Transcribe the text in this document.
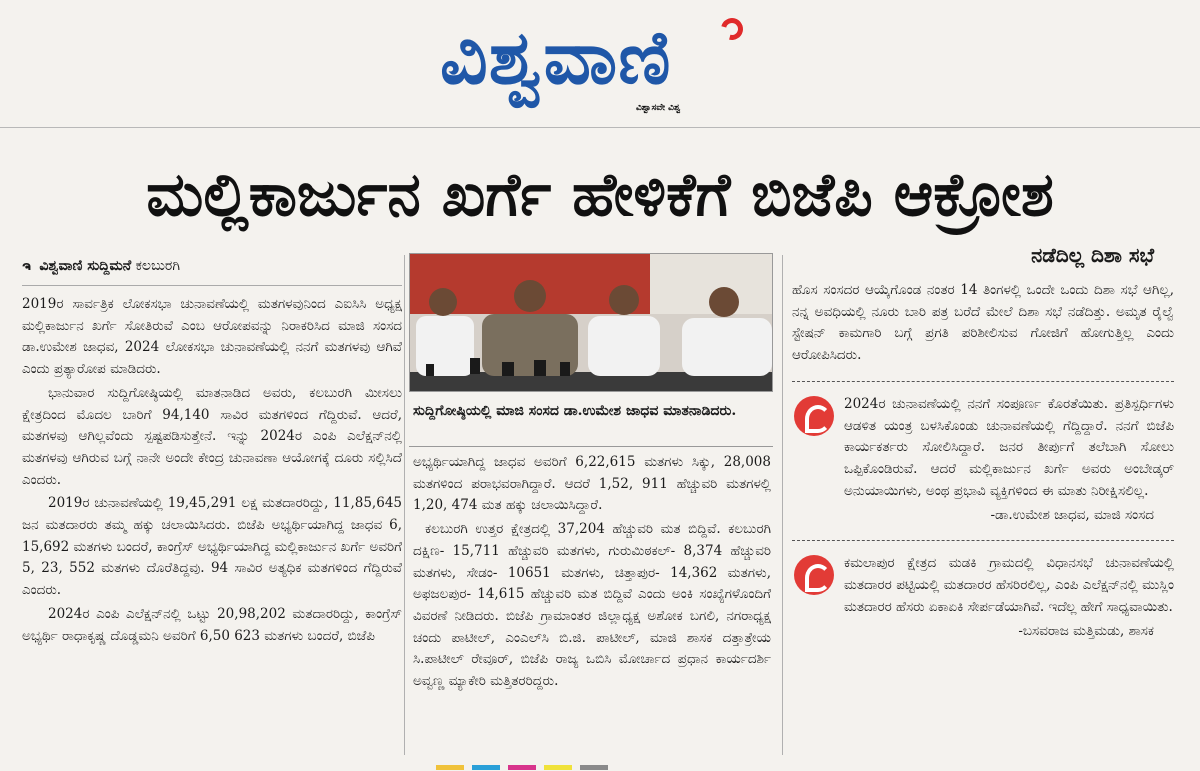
ವಿಶ್ವವಾಣಿ
ವಿಶ್ವಾಸವೇ ವಿಶ್ವ
ಮಲ್ಲಿಕಾರ್ಜುನ ಖರ್ಗೆ ಹೇಳಿಕೆಗೆ ಬಿಜೆಪಿ ಆಕ್ರೋಶ
ຈ ವಿಶ್ವವಾಣಿ ಸುದ್ದಿಮನೆ ಕಲಬುರಗಿ

2019ರ ಸಾರ್ವತ್ರಿಕ ಲೋಕಸಭಾ ಚುನಾವಣೆಯಲ್ಲಿ ಮತಗಳವುನಿಂದ ಎಐಸಿಸಿ ಅಧ್ಯಕ್ಷ ಮಲ್ಲಿಕಾರ್ಜುನ ಖರ್ಗೆ ಸೋತಿರುವೆ ಎಂಬ ಆರೋಪವನ್ನು ನಿರಾಕರಿಸಿದ ಮಾಜಿ ಸಂಸದ ಡಾ.ಉಮೇಶ ಜಾಧವ, 2024 ಲೋಕಸಭಾ ಚುನಾವಣೆಯಲ್ಲಿ ನನಗೆ ಮತಗಳವು ಆಗಿವೆ ಎಂದು ಪ್ರತ್ಯಾರೋಪ ಮಾಡಿದರು.

ಭಾನುವಾರ ಸುದ್ದಿಗೋಷ್ಠಿಯಲ್ಲಿ ಮಾತನಾಡಿದ ಅವರು, ಕಲಬುರಗಿ ಮೀಸಲು ಕ್ಷೇತ್ರದಿಂದ ಮೊದಲ ಬಾರಿಗೆ 94,140 ಸಾವಿರ ಮತಗಳಿಂದ ಗೆದ್ದಿರುವೆ. ಆದರೆ, ಮತಗಳವು ಆಗಿಲ್ಲವೆಂದು ಸ್ಪಷ್ಟಪಡಿಸುತ್ತೇನೆ. ಇನ್ನು 2024ರ ಎಂಪಿ ಎಲೆಕ್ಷನ್‌ನಲ್ಲಿ ಮತಗಳವು ಆಗಿರುವ ಬಗ್ಗೆ ನಾನೇ ಅಂದೇ ಕೇಂದ್ರ ಚುನಾವಣಾ ಆಯೋಗಕ್ಕೆ ದೂರು ಸಲ್ಲಿಸಿದೆ ಎಂದರು.

2019ರ ಚುನಾವಣೆಯಲ್ಲಿ 19,45,291 ಲಕ್ಷ ಮತದಾರರಿದ್ದು, 11,85,645 ಜನ ಮತದಾರರು ತಮ್ಮ ಹಕ್ಕು ಚಲಾಯಿಸಿದರು. ಬಿಜೆಪಿ ಅಭ್ಯರ್ಥಿಯಾಗಿದ್ದ ಜಾಧವ 6, 15,692 ಮತಗಳು ಬಂದರೆ, ಕಾಂಗ್ರೆಸ್ ಅಭ್ಯರ್ಥಿಯಾಗಿದ್ದ ಮಲ್ಲಿಕಾರ್ಜುನ ಖರ್ಗೆ ಅವರಿಗೆ 5, 23, 552 ಮತಗಳು ದೊರೆತಿದ್ದವು. 94 ಸಾವಿರ ಅತ್ಯಧಿಕ ಮತಗಳಿಂದ ಗೆದ್ದಿರುವೆ ಎಂದರು.

2024ರ ಎಂಪಿ ಎಲೆಕ್ಷನ್‌ನಲ್ಲಿ ಒಟ್ಟು 20,98,202 ಮತದಾರರಿದ್ದು, ಕಾಂಗ್ರೆಸ್ ಅಭ್ಯರ್ಥಿ ರಾಧಾಕೃಷ್ಣ ದೊಡ್ಡಮನಿ ಅವರಿಗೆ 6,50 623 ಮತಗಳು ಬಂದರೆ, ಬಿಜೆಪಿ

ಸುದ್ದಿಗೋಷ್ಠಿಯಲ್ಲಿ ಮಾಜಿ ಸಂಸದ ಡಾ.ಉಮೇಶ ಜಾಧವ ಮಾತನಾಡಿದರು.

ಅಭ್ಯರ್ಥಿಯಾಗಿದ್ದ ಜಾಧವ ಅವರಿಗೆ 6,22,615 ಮತಗಳು ಸಿಕ್ಕು, 28,008 ಮತಗಳಿಂದ ಪರಾಭವರಾಗಿದ್ದಾರೆ. ಆದರೆ 1,52, 911 ಹೆಚ್ಚುವರಿ ಮತಗಳಲ್ಲಿ 1,20, 474 ಮತ ಹಕ್ಕು ಚಲಾಯಿಸಿದ್ದಾರೆ.

ಕಲಬುರಗಿ ಉತ್ತರ ಕ್ಷೇತ್ರದಲ್ಲಿ 37,204 ಹೆಚ್ಚುವರಿ ಮತ ಬಿದ್ದಿವೆ. ಕಲಬುರಗಿ ದಕ್ಷಿಣ- 15,711 ಹೆಚ್ಚುವರಿ ಮತಗಳು, ಗುರುಮಿಠಕಲ್- 8,374 ಹೆಚ್ಚುವರಿ ಮತಗಳು, ಸೇಡಂ- 10651 ಮತಗಳು, ಚಿತ್ತಾಪುರ- 14,362 ಮತಗಳು, ಅಫಜಲಪುರ- 14,615 ಹೆಚ್ಚುವರಿ ಮತ ಬಿದ್ದಿವೆ ಎಂದು ಅಂಕಿ ಸಂಖ್ಯೆಗಳೊಂದಿಗೆ ವಿವರಣೆ ನೀಡಿದರು. ಬಿಜೆಪಿ ಗ್ರಾಮಾಂತರ ಜಿಲ್ಲಾಧ್ಯಕ್ಷ ಅಶೋಕ ಬಗಲಿ, ನಗರಾಧ್ಯಕ್ಷ ಚಂದು ಪಾಟೀಲ್, ಎಂಎಲ್‌ಸಿ ಬಿ.ಜಿ. ಪಾಟೀಲ್, ಮಾಜಿ ಶಾಸಕ ದತ್ತಾತ್ರೇಯ ಸಿ.ಪಾಟೀಲ್ ರೇವೂರ್, ಬಿಜೆಪಿ ರಾಜ್ಯ ಒಬಿಸಿ ಮೋರ್ಚಾದ ಪ್ರಧಾನ ಕಾರ್ಯದರ್ಶಿ ಅವ್ವಣ್ಣ ಮ್ಯಾಕೇರಿ ಮತ್ತಿತರರಿದ್ದರು.

ನಡೆದಿಲ್ಲ ದಿಶಾ ಸಭೆ

ಹೊಸ ಸಂಸದರ ಆಯ್ಕೆಗೊಂಡ ನಂತರ 14 ತಿಂಗಳಲ್ಲಿ ಒಂದೇ ಒಂದು ದಿಶಾ ಸಭೆ ಆಗಿಲ್ಲ, ನನ್ನ ಅವಧಿಯಲ್ಲಿ ನೂರು ಬಾರಿ ಪತ್ರ ಬರೆದೆ ಮೇಲೆ ದಿಶಾ ಸಭೆ ನಡೆದಿತ್ತು. ಅಮೃತ ರೈಲ್ವೆ ಸ್ಟೇಷನ್ ಕಾಮಗಾರಿ ಬಗ್ಗೆ ಪ್ರಗತಿ ಪರಿಶೀಲಿಸುವ ಗೋಜಿಗೆ ಹೋಗುತ್ತಿಲ್ಲ ಎಂದು ಆರೋಪಿಸಿದರು.

2024ರ ಚುನಾವಣೆಯಲ್ಲಿ ನನಗೆ ಸಂಪೂರ್ಣ ಕೊರತೆಯಿತು. ಪ್ರತಿಸ್ಪರ್ಧಿಗಳು ಆಡಳಿತ ಯಂತ್ರ ಬಳಸಿಕೊಂಡು ಚುನಾವಣೆಯಲ್ಲಿ ಗೆದ್ದಿದ್ದಾರೆ. ನನಗೆ ಬಿಜೆಪಿ ಕಾರ್ಯಕರ್ತರು ಸೋಲಿಸಿದ್ದಾರೆ. ಜನರ ತೀರ್ಪುಗೆ ತಲೆಬಾಗಿ ಸೋಲು ಒಪ್ಪಿಕೊಂಡಿರುವೆ. ಆದರೆ ಮಲ್ಲಿಕಾರ್ಜುನ ಖರ್ಗೆ ಅವರು ಅಂಬೇಡ್ಕರ್ ಅನುಯಾಯಿಗಳು, ಅಂಥ ಪ್ರಭಾವಿ ವ್ಯಕ್ತಿಗಳಿಂದ ಈ ಮಾತು ನಿರೀಕ್ಷಿಸಲಿಲ್ಲ.

-ಡಾ.ಉಮೇಶ ಜಾಧವ, ಮಾಜಿ ಸಂಸದ

ಕಮಲಾಪುರ ಕ್ಷೇತ್ರದ ಮಡಕಿ ಗ್ರಾಮದಲ್ಲಿ ವಿಧಾನಸಭೆ ಚುನಾವಣೆಯಲ್ಲಿ ಮತದಾರರ ಪಟ್ಟಿಯಲ್ಲಿ ಮತದಾರರ ಹೆಸರಿರಲಿಲ್ಲ, ಎಂಪಿ ಎಲೆಕ್ಷನ್‌ನಲ್ಲಿ ಮುಸ್ಲಿಂ ಮತದಾರರ ಹೆಸರು ಏಕಾಏಕಿ ಸೇರ್ಪಡೆಯಾಗಿವೆ. ಇದೆಲ್ಲ ಹೇಗೆ ಸಾಧ್ಯವಾಯಿತು.

-ಬಸವರಾಜ ಮತ್ತಿಮಡು, ಶಾಸಕ
